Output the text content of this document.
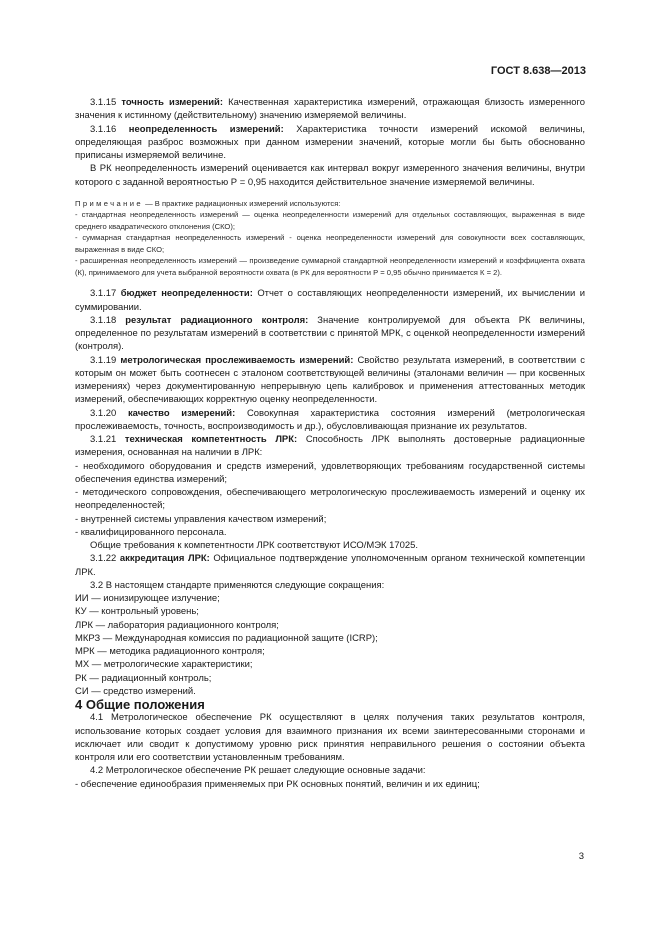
ГОСТ 8.638—2013

3.1.15 точность измерений: Качественная характеристика измерений, отражающая близость измеренного значения к истинному (действительному) значению измеряемой величины.

3.1.16 неопределенность измерений: Характеристика точности измерений искомой величины, определяющая разброс возможных при данном измерении значений, которые могли бы быть обоснованно приписаны измеряемой величине.

В РК неопределенность измерений оценивается как интервал вокруг измеренного значения величины, внутри которого с заданной вероятностью Р = 0,95 находится действительное значение измеряемой величины.

Примечание — В практике радиационных измерений используются:

- стандартная неопределенность измерений — оценка неопределенности измерений для отдельных составляющих, выраженная в виде среднего квадратического отклонения (СКО);

- суммарная стандартная неопределенность измерений - оценка неопределенности измерений для совокупности всех составляющих, выраженная в виде СКО;

- расширенная неопределенность измерений — произведение суммарной стандартной неопределенности измерений и коэффициента охвата (К), принимаемого для учета выбранной вероятности охвата (в РК для вероятности Р = 0,95 обычно принимается К = 2).

3.1.17 бюджет неопределенности: Отчет о составляющих неопределенности измерений, их вычислении и суммировании.

3.1.18 результат радиационного контроля: Значение контролируемой для объекта РК величины, определенное по результатам измерений в соответствии с принятой МРК, с оценкой неопределенности измерений (контроля).

3.1.19 метрологическая прослеживаемость измерений: Свойство результата измерений, в соответствии с которым он может быть соотнесен с эталоном соответствующей величины (эталонами величин — при косвенных измерениях) через документированную непрерывную цепь калибровок и применения аттестованных методик измерений, обеспечивающих корректную оценку неопределенности.

3.1.20 качество измерений: Совокупная характеристика состояния измерений (метрологическая прослеживаемость, точность, воспроизводимость и др.), обусловливающая признание их результатов.

3.1.21 техническая компетентность ЛРК: Способность ЛРК выполнять достоверные радиационные измерения, основанная на наличии в ЛРК:

- необходимого оборудования и средств измерений, удовлетворяющих требованиям государственной системы обеспечения единства измерений;

- методического сопровождения, обеспечивающего метрологическую прослеживаемость измерений и оценку их неопределенностей;

- внутренней системы управления качеством измерений;

- квалифицированного персонала.

Общие требования к компетентности ЛРК соответствуют ИСО/МЭК 17025.

3.1.22 аккредитация ЛРК: Официальное подтверждение уполномоченным органом технической компетенции ЛРК.

3.2 В настоящем стандарте применяются следующие сокращения:

ИИ — ионизирующее излучение;

КУ — контрольный уровень;

ЛРК — лаборатория радиационного контроля;

МКРЗ — Международная комиссия по радиационной защите (ICRP);

МРК — методика радиационного контроля;

МХ — метрологические характеристики;

РК — радиационный контроль;

СИ — средство измерений.

4 Общие положения

4.1 Метрологическое обеспечение РК осуществляют в целях получения таких результатов контроля, использование которых создает условия для взаимного признания их всеми заинтересованными сторонами и исключает или сводит к допустимому уровню риск принятия неправильного решения о состоянии объекта контроля или его соответствии установленным требованиям.

4.2 Метрологическое обеспечение РК решает следующие основные задачи:

- обеспечение единообразия применяемых при РК основных понятий, величин и их единиц;

3
